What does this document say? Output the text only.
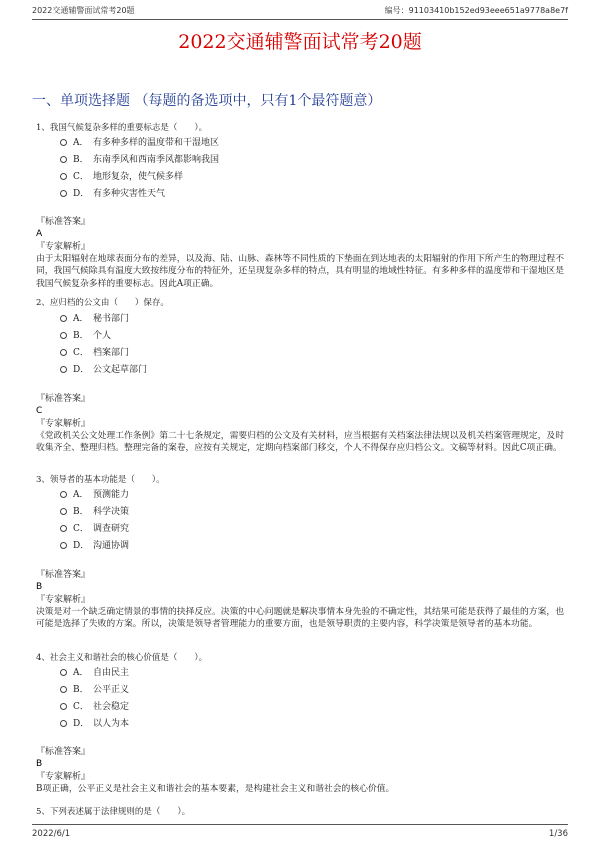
2022交通辅警面试常考20题	编号：91103410b152ed93eee651a9778a8e7f
2022交通辅警面试常考20题
一、单项选择题 （每题的备选项中，只有1个最符题意）
1、我国气候复杂多样的重要标志是（　　）。
A． 有多种多样的温度带和干湿地区
B． 东南季风和西南季风都影响我国
C． 地形复杂，使气候多样
D． 有多种灾害性天气
『标准答案』
A
『专家解析』
由于太阳辐射在地球表面分布的差异，以及海、陆、山脉、森林等不同性质的下垫面在到达地表的太阳辐射的作用下所产生的物理过程不同，我国气候除具有温度大致按纬度分布的特征外，还呈现复杂多样的特点，具有明显的地域性特征。有多种多样的温度带和干湿地区是我国气候复杂多样的重要标志。因此A项正确。
2、应归档的公文由（　　）保存。
A． 秘书部门
B． 个人
C． 档案部门
D． 公文起草部门
『标准答案』
C
『专家解析』
《党政机关公文处理工作条例》第二十七条规定，需要归档的公文及有关材料，应当根据有关档案法律法规以及机关档案管理规定，及时收集齐全、整理归档。整理完备的案卷，应按有关规定，定期向档案部门移交，个人不得保存应归档公文。文稿等材料。因此C项正确。
3、领导者的基本功能是（　　）。
A． 预测能力
B． 科学决策
C． 调查研究
D． 沟通协调
『标准答案』
B
『专家解析』
决策是对一个缺乏确定情景的事情的抉择反应。决策的中心问题就是解决事情本身先验的不确定性，其结果可能是获得了最佳的方案，也可能是选择了失败的方案。所以，决策是领导者管理能力的重要方面，也是领导职责的主要内容，科学决策是领导者的基本功能。
4、社会主义和谐社会的核心价值是（　　）。
A． 自由民主
B． 公平正义
C． 社会稳定
D． 以人为本
『标准答案』
B
『专家解析』
B项正确，公平正义是社会主义和谐社会的基本要素，是构建社会主义和谐社会的核心价值。
5、下列表述属于法律规则的是（　　）。
2022/6/1	1/36
